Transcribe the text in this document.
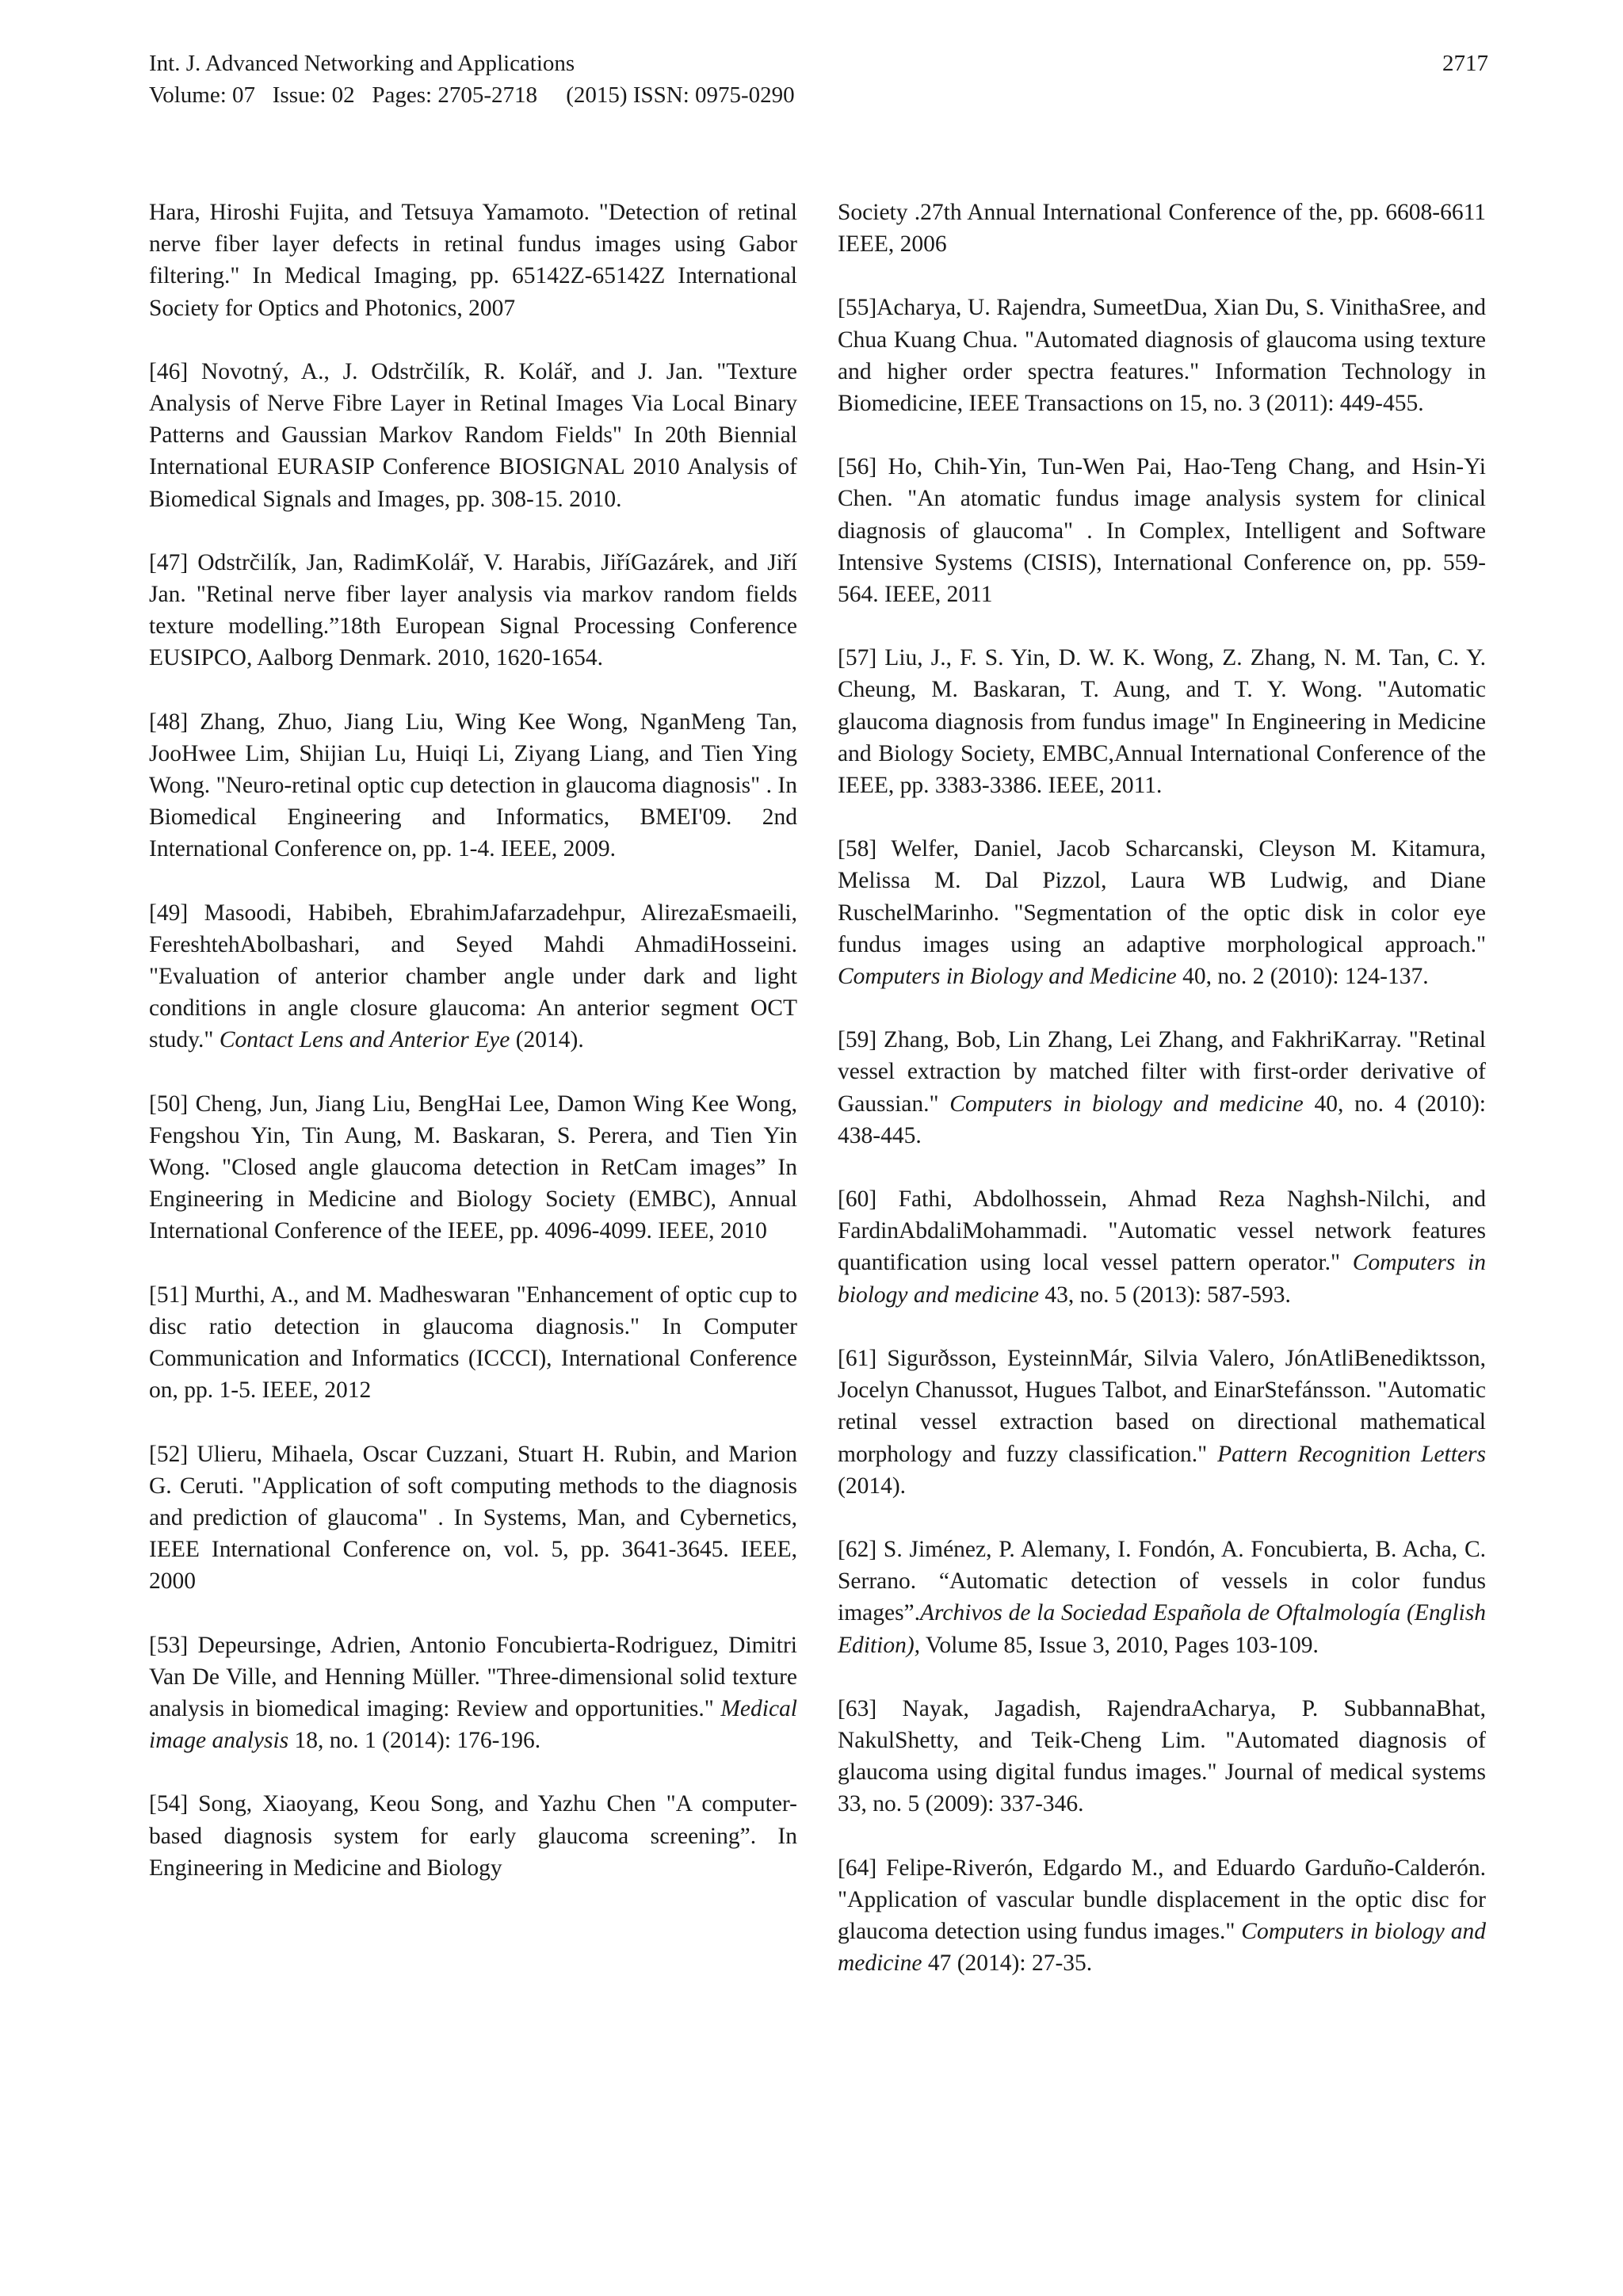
Int. J. Advanced Networking and Applications
Volume: 07   Issue: 02   Pages: 2705-2718     (2015) ISSN: 0975-0290
2717

Hara, Hiroshi Fujita, and Tetsuya Yamamoto. "Detection of retinal nerve fiber layer defects in retinal fundus images using Gabor filtering." In Medical Imaging, pp. 65142Z-65142Z International Society for Optics and Photonics, 2007

[46] Novotný, A., J. Odstrčilík, R. Kolář, and J. Jan. "Texture Analysis of Nerve Fibre Layer in Retinal Images Via Local Binary Patterns and Gaussian Markov Random Fields" In 20th Biennial International EURASIP Conference BIOSIGNAL 2010 Analysis of Biomedical Signals and Images, pp. 308-15. 2010.

[47] Odstrčilík, Jan, RadimKolář, V. Harabis, JiříGazárek, and Jiří Jan. "Retinal nerve fiber layer analysis via markov random fields texture modelling.”18th European Signal Processing Conference EUSIPCO, Aalborg Denmark. 2010, 1620-1654.

[48] Zhang, Zhuo, Jiang Liu, Wing Kee Wong, NganMeng Tan, JooHwee Lim, Shijian Lu, Huiqi Li, Ziyang Liang, and Tien Ying Wong. "Neuro-retinal optic cup detection in glaucoma diagnosis" . In Biomedical Engineering and Informatics, BMEI'09. 2nd International Conference on, pp. 1-4. IEEE, 2009.

[49] Masoodi, Habibeh, EbrahimJafarzadehpur, AlirezaEsmaeili, FereshtehAbolbashari, and Seyed Mahdi AhmadiHosseini. "Evaluation of anterior chamber angle under dark and light conditions in angle closure glaucoma: An anterior segment OCT study." Contact Lens and Anterior Eye (2014).

[50] Cheng, Jun, Jiang Liu, BengHai Lee, Damon Wing Kee Wong, Fengshou Yin, Tin Aung, M. Baskaran, S. Perera, and Tien Yin Wong. "Closed angle glaucoma detection in RetCam images” In Engineering in Medicine and Biology Society (EMBC), Annual International Conference of the IEEE, pp. 4096-4099. IEEE, 2010

[51] Murthi, A., and M. Madheswaran "Enhancement of optic cup to disc ratio detection in glaucoma diagnosis." In Computer Communication and Informatics (ICCCI), International Conference on, pp. 1-5. IEEE, 2012

[52] Ulieru, Mihaela, Oscar Cuzzani, Stuart H. Rubin, and Marion G. Ceruti. "Application of soft computing methods to the diagnosis and prediction of glaucoma" . In Systems, Man, and Cybernetics, IEEE International Conference on, vol. 5, pp. 3641-3645. IEEE, 2000

[53] Depeursinge, Adrien, Antonio Foncubierta-Rodriguez, Dimitri Van De Ville, and Henning Müller. "Three-dimensional solid texture analysis in biomedical imaging: Review and opportunities." Medical image analysis 18, no. 1 (2014): 176-196.

[54] Song, Xiaoyang, Keou Song, and Yazhu Chen "A computer-based diagnosis system for early glaucoma screening”. In Engineering in Medicine and Biology

Society .27th Annual International Conference of the, pp. 6608-6611 IEEE, 2006

[55]Acharya, U. Rajendra, SumeetDua, Xian Du, S. VinithaSree, and Chua Kuang Chua. "Automated diagnosis of glaucoma using texture and higher order spectra features." Information Technology in Biomedicine, IEEE Transactions on 15, no. 3 (2011): 449-455.

[56] Ho, Chih-Yin, Tun-Wen Pai, Hao-Teng Chang, and Hsin-Yi Chen. "An atomatic fundus image analysis system for clinical diagnosis of glaucoma" . In Complex, Intelligent and Software Intensive Systems (CISIS), International Conference on, pp. 559-564. IEEE, 2011

[57] Liu, J., F. S. Yin, D. W. K. Wong, Z. Zhang, N. M. Tan, C. Y. Cheung, M. Baskaran, T. Aung, and T. Y. Wong. "Automatic glaucoma diagnosis from fundus image" In Engineering in Medicine and Biology Society, EMBC,Annual International Conference of the IEEE, pp. 3383-3386. IEEE, 2011.

[58] Welfer, Daniel, Jacob Scharcanski, Cleyson M. Kitamura, Melissa M. Dal Pizzol, Laura WB Ludwig, and Diane RuschelMarinho. "Segmentation of the optic disk in color eye fundus images using an adaptive morphological approach." Computers in Biology and Medicine 40, no. 2 (2010): 124-137.

[59] Zhang, Bob, Lin Zhang, Lei Zhang, and FakhriKarray. "Retinal vessel extraction by matched filter with first-order derivative of Gaussian." Computers in biology and medicine 40, no. 4 (2010): 438-445.

[60] Fathi, Abdolhossein, Ahmad Reza Naghsh-Nilchi, and FardinAbdaliMohammadi. "Automatic vessel network features quantification using local vessel pattern operator." Computers in biology and medicine 43, no. 5 (2013): 587-593.

[61] Sigurðsson, EysteinnMár, Silvia Valero, JónAtliBenediktsson, Jocelyn Chanussot, Hugues Talbot, and EinarStefánsson. "Automatic retinal vessel extraction based on directional mathematical morphology and fuzzy classification." Pattern Recognition Letters (2014).

[62] S. Jiménez, P. Alemany, I. Fondón, A. Foncubierta, B. Acha, C. Serrano. “Automatic detection of vessels in color fundus images”.Archivos de la Sociedad Española de Oftalmología (English Edition), Volume 85, Issue 3, 2010, Pages 103-109.

[63] Nayak, Jagadish, RajendraAcharya, P. SubbannaBhat, NakulShetty, and Teik-Cheng Lim. "Automated diagnosis of glaucoma using digital fundus images." Journal of medical systems 33, no. 5 (2009): 337-346.

[64] Felipe-Riverón, Edgardo M., and Eduardo Garduño-Calderón. "Application of vascular bundle displacement in the optic disc for glaucoma detection using fundus images." Computers in biology and medicine 47 (2014): 27-35.
